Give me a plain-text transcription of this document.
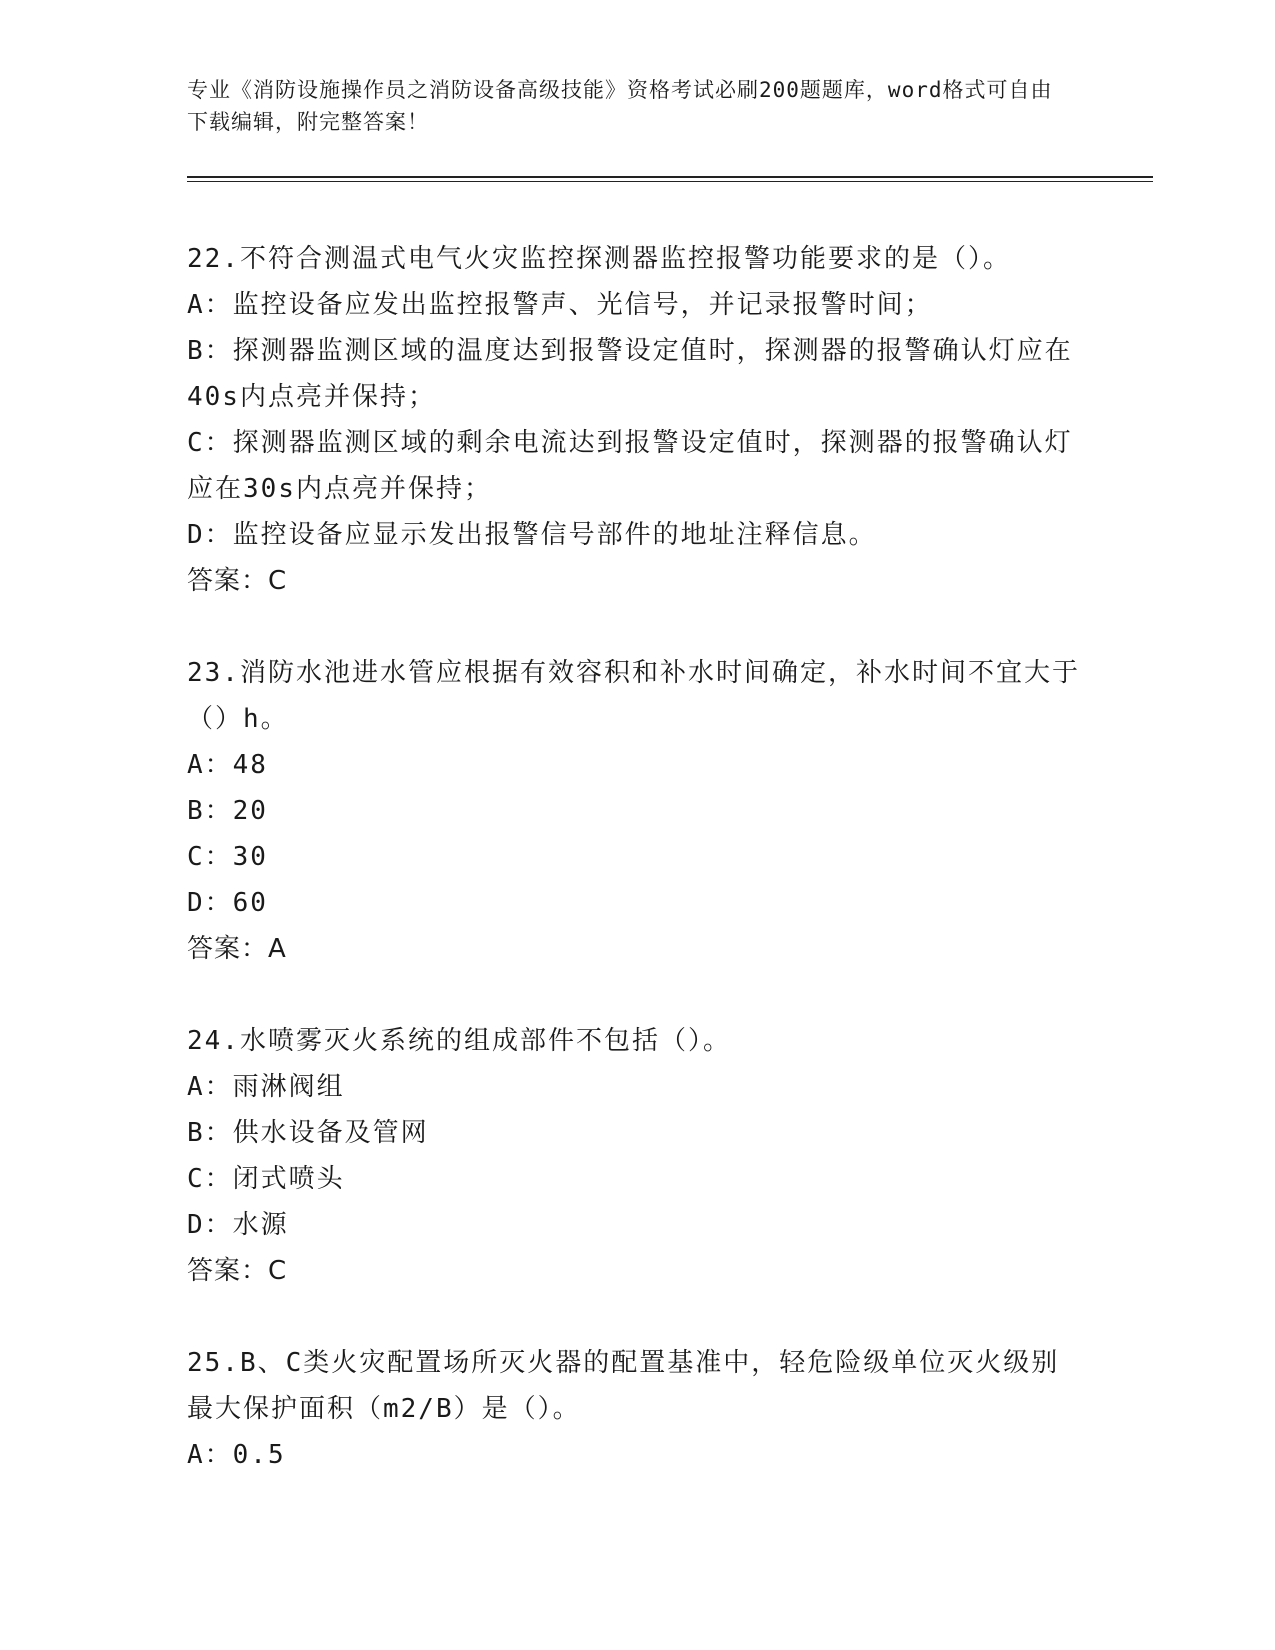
专业《消防设施操作员之消防设备高级技能》资格考试必刷200题题库，word格式可自由下载编辑，附完整答案！

22.不符合测温式电气火灾监控探测器监控报警功能要求的是（）。

A：监控设备应发出监控报警声、光信号，并记录报警时间；

B：探测器监测区域的温度达到报警设定值时，探测器的报警确认灯应在40s内点亮并保持；

C：探测器监测区域的剩余电流达到报警设定值时，探测器的报警确认灯应在30s内点亮并保持；

D：监控设备应显示发出报警信号部件的地址注释信息。

答案：C

23.消防水池进水管应根据有效容积和补水时间确定，补水时间不宜大于（）h。

A：48

B：20

C：30

D：60

答案：A

24.水喷雾灭火系统的组成部件不包括（）。

A：雨淋阀组

B：供水设备及管网

C：闭式喷头

D：水源

答案：C

25.B、C类火灾配置场所灭火器的配置基准中，轻危险级单位灭火级别最大保护面积（m2/B）是（）。

A：0.5
